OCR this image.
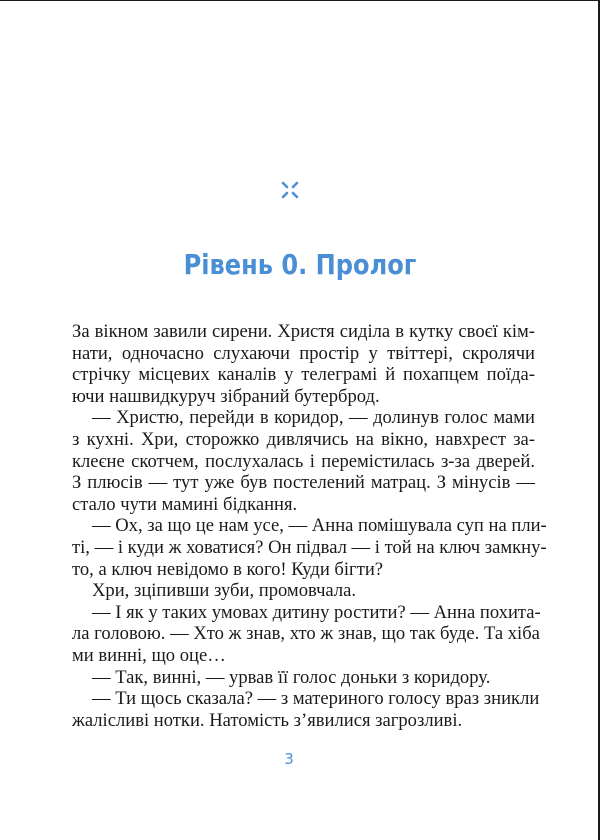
Рівень 0. Пролог
За вікном завили сирени. Христя сиділа в кутку своєї кім-
нати, одночасно слухаючи простір у твіттері, скролячи
стрічку місцевих каналів у телеграмі й похапцем поїда-
ючи нашвидкуруч зібраний бутерброд.
— Христю, перейди в коридор, — долинув голос мами
з кухні. Хри, сторожко дивлячись на вікно, навхрест за-
клеєне скотчем, послухалась і перемістилась з-за дверей.
З плюсів — тут уже був постелений матрац. З мінусів —
стало чути мамині бідкання.
— Ох, за що це нам усе, — Анна помішувала суп на пли-
ті, — і куди ж ховатися? Он підвал — і той на ключ замкну-
то, а ключ невідомо в кого! Куди бігти?
Хри, зціпивши зуби, промовчала.
— І як у таких умовах дитину ростити? — Анна похита-
ла головою. — Хто ж знав, хто ж знав, що так буде. Та хіба
ми винні, що оце…
— Так, винні, — урвав її голос доньки з коридору.
— Ти щось сказала? — з материного голосу враз зникли
жалісливі нотки. Натомість з’явилися загрозливі.
3
